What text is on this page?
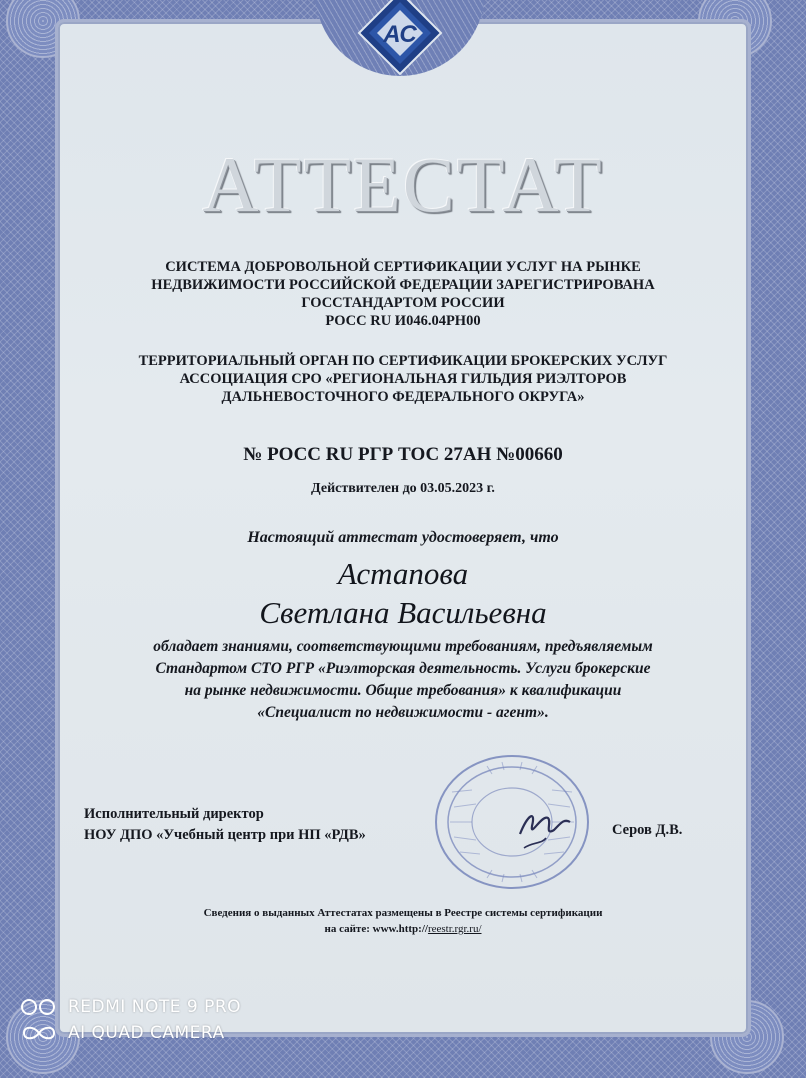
АС
АТТЕСТАТ
СИСТЕМА ДОБРОВОЛЬНОЙ СЕРТИФИКАЦИИ УСЛУГ НА РЫНКЕ
НЕДВИЖИМОСТИ РОССИЙСКОЙ ФЕДЕРАЦИИ ЗАРЕГИСТРИРОВАНА
ГОССТАНДАРТОМ РОССИИ
РОСС RU И046.04РН00
ТЕРРИТОРИАЛЬНЫЙ ОРГАН ПО СЕРТИФИКАЦИИ БРОКЕРСКИХ УСЛУГ
АССОЦИАЦИЯ СРО «РЕГИОНАЛЬНАЯ ГИЛЬДИЯ РИЭЛТОРОВ
ДАЛЬНЕВОСТОЧНОГО ФЕДЕРАЛЬНОГО ОКРУГА»
№ РОСС RU РГР ТОС 27АН №00660
Действителен до 03.05.2023 г.
Настоящий аттестат удостоверяет, что
Астапова
Светлана Васильевна
обладает знаниями, соответствующими требованиям, предъявляемым
Стандартом СТО РГР «Риэлторская деятельность. Услуги брокерские
на рынке недвижимости. Общие требования» к квалификации
«Специалист по недвижимости - агент».
Исполнительный директор
НОУ ДПО «Учебный центр при НП «РДВ»	Серов Д.В.
Сведения о выданных Аттестатах размещены в Реестре системы сертификации
на сайте: www.http://reestr.rgr.ru/
REDMI NOTE 9 PRO
AI QUAD CAMERA
